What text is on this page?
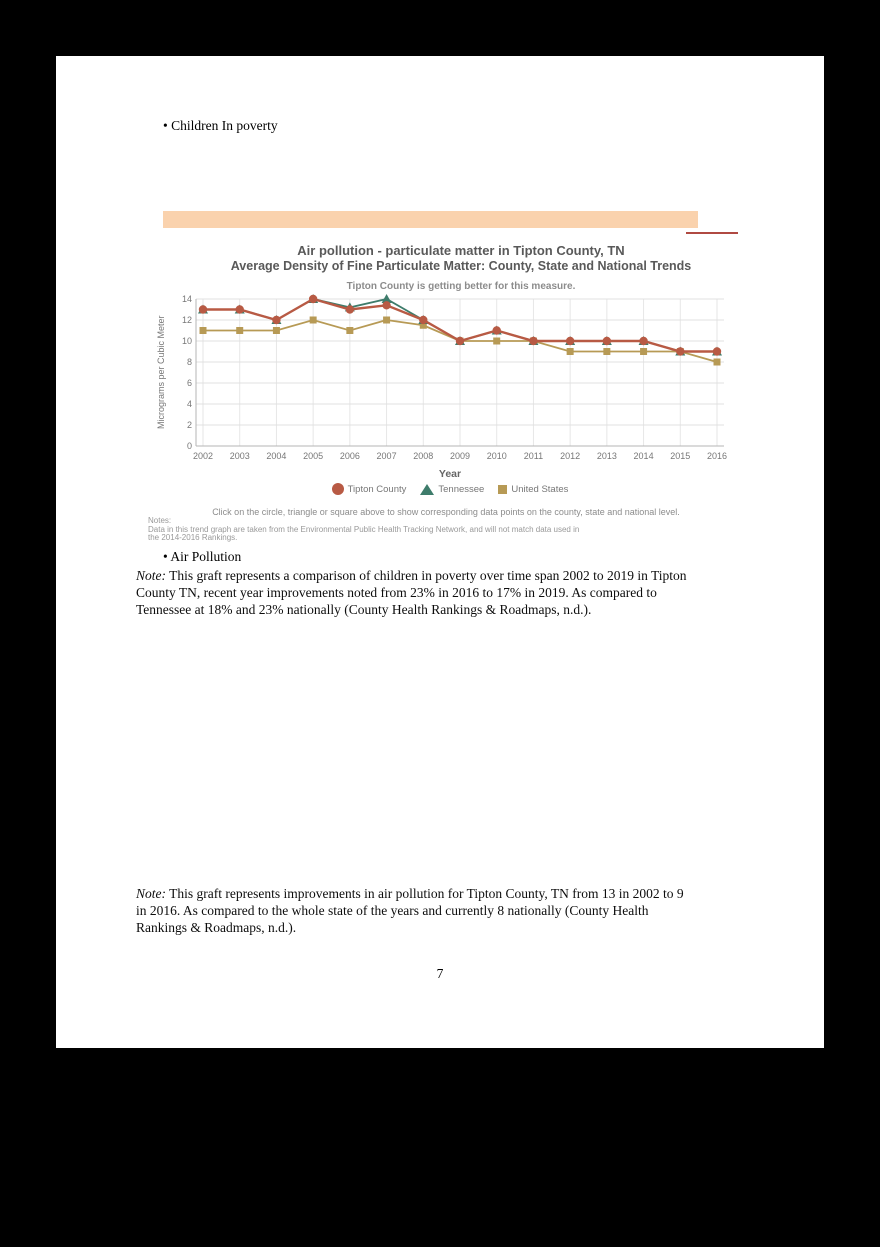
• Children In poverty
Air pollution - particulate matter in Tipton County, TN
Average Density of Fine Particulate Matter: County, State and National Trends
Tipton County is getting better for this measure.
Micrograms per Cubic Meter
0
2
4
6
8
10
12
14
2002 2003 2004 2005 2006 2007 2008 2009 2010 2011 2012 2013 2014 2015 2016
Year
Tipton County	Tennessee	United States
Click on the circle, triangle or square above to show corresponding data points on the county, state and national level.
Notes:
Data in this trend graph are taken from the Environmental Public Health Tracking Network, and will not match data used in
the 2014-2016 Rankings.
• Air Pollution

Note: This graft represents a comparison of children in poverty over time span 2002 to 2019 in Tipton County TN, recent year improvements noted from 23% in 2016 to 17% in 2019. As compared to Tennessee at 18% and 23% nationally (County Health Rankings & Roadmaps, n.d.).

Note: This graft represents improvements in air pollution for Tipton County, TN from 13 in 2002 to 9 in 2016. As compared to the whole state of the years and currently 8 nationally (County Health Rankings & Roadmaps, n.d.).

7
